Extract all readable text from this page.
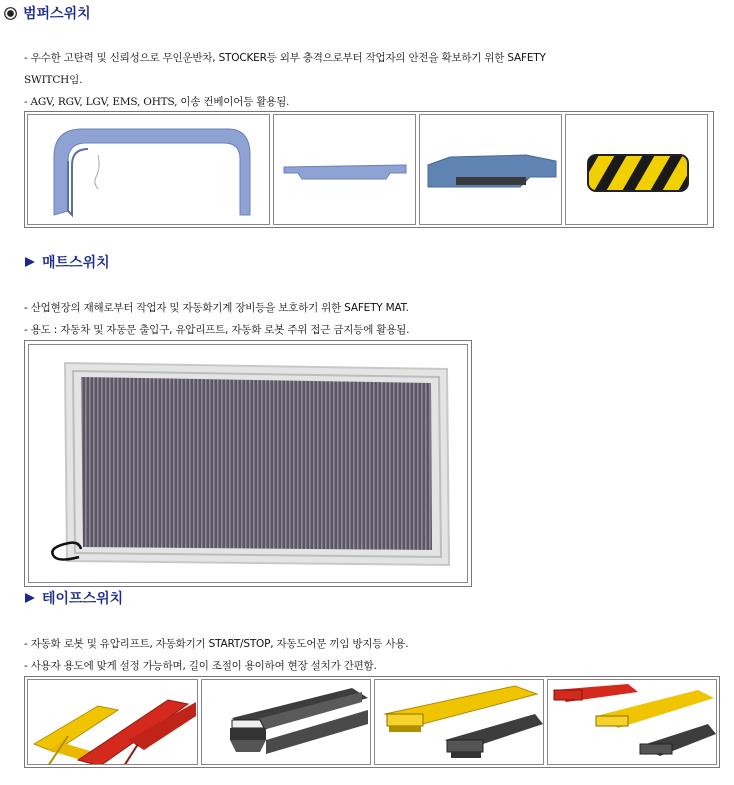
범퍼스위치
- 우수한 고탄력 및 신뢰성으로 무인운반차, STOCKER등 외부 충격으로부터 작업자의 안전을 확보하기 위한 SAFETY
SWITCH임.
- AGV, RGV, LGV, EMS, OHTS, 이송 컨베이어등 활용됨.
매트스위치
- 산업현장의 재해로부터 작업자 및 자동화기계 장비등을 보호하기 위한 SAFETY MAT.
- 용도 : 자동차 및 자동문 출입구, 유압리프트, 자동화 로봇 주위 접근 금지등에 활용됨.
테이프스위치
- 자동화 로봇 및 유압리프트, 자동화기기 START/STOP, 자동도어문 끼임 방지등 사용.
- 사용자 용도에 맞게 설정 가능하며, 길이 조절이 용이하여 현장 설치가 간편함.
